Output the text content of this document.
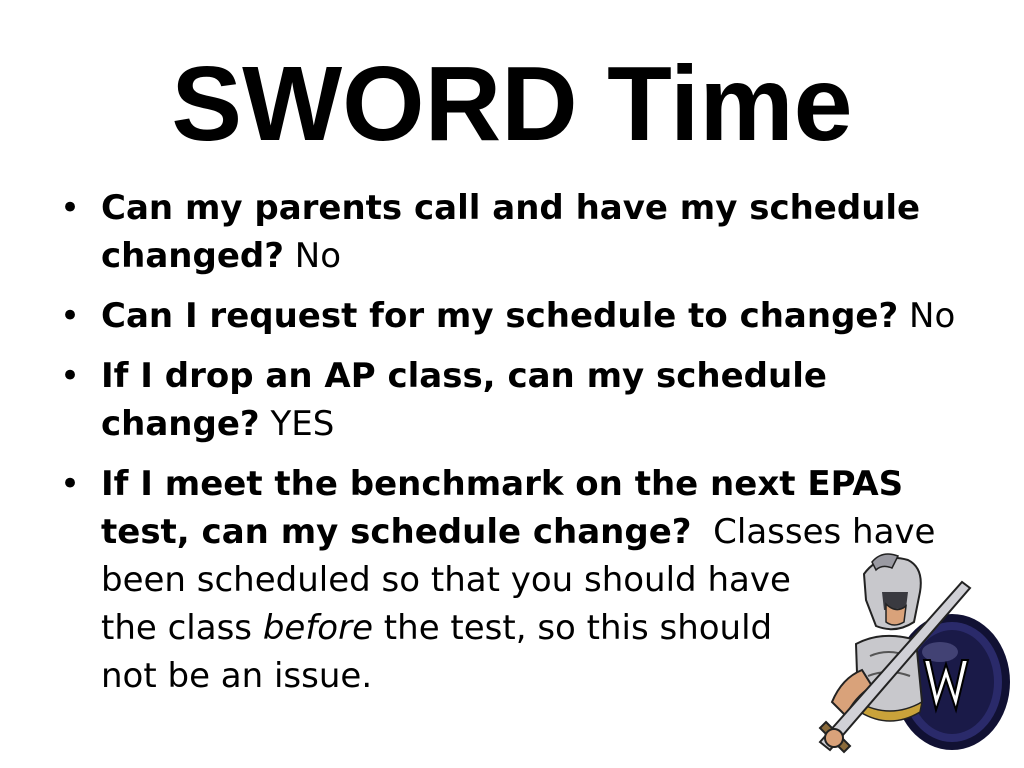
SWORD Time
• Can my parents call and have my schedule
changed? No
• Can I request for my schedule to change? No
• If I drop an AP class, can my schedule
change? YES
• If I meet the benchmark on the next EPAS
test, can my schedule change? Classes have
been scheduled so that you should have
the class before the test, so this should
not be an issue.
